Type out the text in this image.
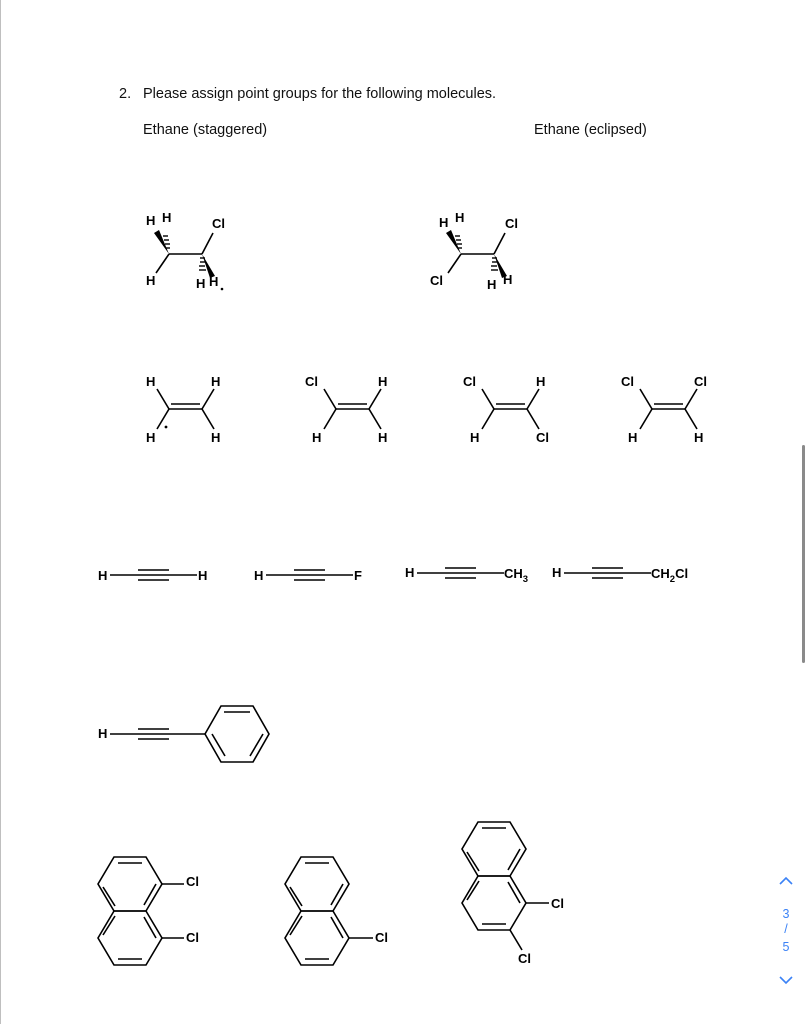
2. Please assign point groups for the following molecules.
Ethane (staggered)	Ethane (eclipsed)
H H	Cl
H	H H
H H	Cl
Cl	H H
H	H
H	H
Cl	H
H	H
Cl	H
H	Cl
Cl	Cl
H	H
H	H	H	F	H	$CH_3$ H	$CH_2Cl$
H
Cl
Cl	Cl
Cl
Cl
3
/
5
